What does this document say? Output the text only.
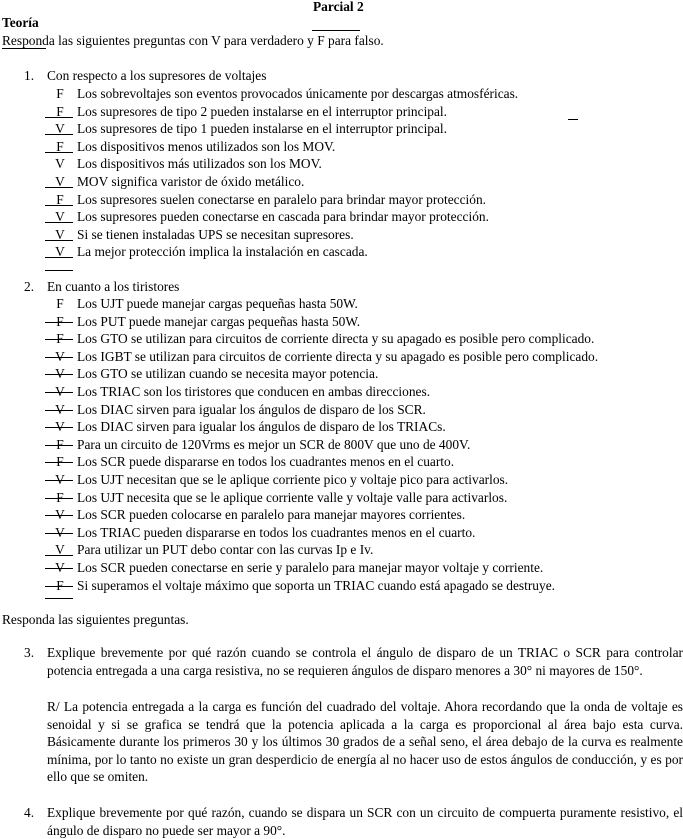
Parcial 2
Teoría
Responda las siguientes preguntas con V para verdadero y F para falso.
1. Con respecto a los supresores de voltajes
F Los sobrevoltajes son eventos provocados únicamente por descargas atmosféricas.
F Los supresores de tipo 2 pueden instalarse en el interruptor principal.
V Los supresores de tipo 1 pueden instalarse en el interruptor principal.
F Los dispositivos menos utilizados son los MOV.
V Los dispositivos más utilizados son los MOV.
V MOV significa varistor de óxido metálico.
F Los supresores suelen conectarse en paralelo para brindar mayor protección.
V Los supresores pueden conectarse en cascada para brindar mayor protección.
V Si se tienen instaladas UPS se necesitan supresores.
V La mejor protección implica la instalación en cascada.
2. En cuanto a los tiristores
F Los UJT puede manejar cargas pequeñas hasta 50W.
F Los PUT puede manejar cargas pequeñas hasta 50W.
F Los GTO se utilizan para circuitos de corriente directa y su apagado es posible pero complicado.
V Los IGBT se utilizan para circuitos de corriente directa y su apagado es posible pero complicado.
V Los GTO se utilizan cuando se necesita mayor potencia.
V Los TRIAC son los tiristores que conducen en ambas direcciones.
V Los DIAC sirven para igualar los ángulos de disparo de los SCR.
V Los DIAC sirven para igualar los ángulos de disparo de los TRIACs.
F Para un circuito de 120Vrms es mejor un SCR de 800V que uno de 400V.
F Los SCR puede dispararse en todos los cuadrantes menos en el cuarto.
V Los UJT necesitan que se le aplique corriente pico y voltaje pico para activarlos.
F Los UJT necesita que se le aplique corriente valle y voltaje valle para activarlos.
V Los SCR pueden colocarse en paralelo para manejar mayores corrientes.
V Los TRIAC pueden dispararse en todos los cuadrantes menos en el cuarto.
V Para utilizar un PUT debo contar con las curvas Ip e Iv.
V Los SCR pueden conectarse en serie y paralelo para manejar mayor voltaje y corriente.
F Si superamos el voltaje máximo que soporta un TRIAC cuando está apagado se destruye.
Responda las siguientes preguntas.
3. Explique brevemente por qué razón cuando se controla el ángulo de disparo de un TRIAC o SCR para controlar potencia entregada a una carga resistiva, no se requieren ángulos de disparo menores a 30° ni mayores de 150°.
R/ La potencia entregada a la carga es función del cuadrado del voltaje. Ahora recordando que la onda de voltaje es senoidal y si se grafica se tendrá que la potencia aplicada a la carga es proporcional al área bajo esta curva. Básicamente durante los primeros 30 y los últimos 30 grados de a señal seno, el área debajo de la curva es realmente mínima, por lo tanto no existe un gran desperdicio de energía al no hacer uso de estos ángulos de conducción, y es por ello que se omiten.
4. Explique brevemente por qué razón, cuando se dispara un SCR con un circuito de compuerta puramente resistivo, el ángulo de disparo no puede ser mayor a 90°.
